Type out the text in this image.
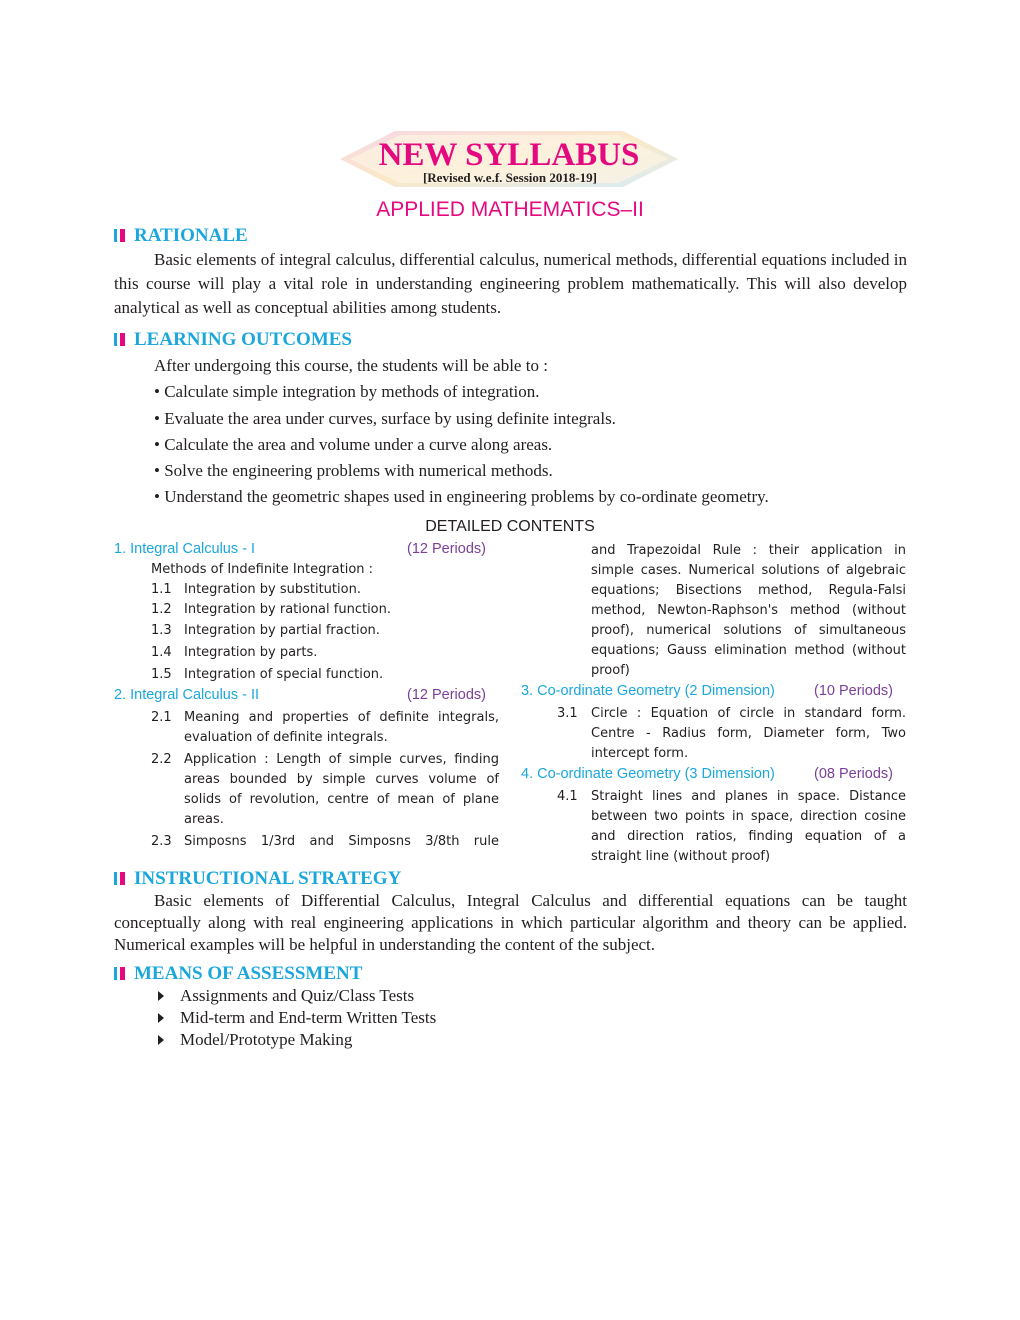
NEW SYLLABUS
[Revised w.e.f. Session 2018-19]
APPLIED MATHEMATICS–II
RATIONALE
Basic elements of integral calculus, differential calculus, numerical methods, differential equations included in this course will play a vital role in understanding engineering problem mathematically. This will also develop analytical as well as conceptual abilities among students.
LEARNING OUTCOMES
After undergoing this course, the students will be able to :
• Calculate simple integration by methods of integration.
• Evaluate the area under curves, surface by using definite integrals.
• Calculate the area and volume under a curve along areas.
• Solve the engineering problems with numerical methods.
• Understand the geometric shapes used in engineering problems by co-ordinate geometry.
DETAILED CONTENTS
1. Integral Calculus - I	(12 Periods)
Methods of Indefinite Integration :
1.1 Integration by substitution.
1.2 Integration by rational function.
1.3 Integration by partial fraction.
1.4 Integration by parts.
1.5 Integration of special function.
2. Integral Calculus - II	(12 Periods)
2.1 Meaning and properties of definite integrals,
evaluation of definite integrals.
2.2 Application : Length of simple curves, finding
areas bounded by simple curves volume of
solids of revolution, centre of mean of plane
areas.
2.3 Simposns 1/3rd and Simposns 3/8th rule
and Trapezoidal Rule : their application in
simple cases. Numerical solutions of algebraic
equations; Bisections method, Regula-Falsi
method, Newton-Raphson's method (without
proof), numerical solutions of simultaneous
equations; Gauss elimination method (without
proof)
3. Co-ordinate Geometry (2 Dimension)	(10 Periods)
3.1 Circle : Equation of circle in standard form.
Centre - Radius form, Diameter form, Two
intercept form.
4. Co-ordinate Geometry (3 Dimension)	(08 Periods)
4.1 Straight lines and planes in space. Distance
between two points in space, direction cosine
and direction ratios, finding equation of a
straight line (without proof)
INSTRUCTIONAL STRATEGY
Basic elements of Differential Calculus, Integral Calculus and differential equations can be taught conceptually along with real engineering applications in which particular algorithm and theory can be applied. Numerical examples will be helpful in understanding the content of the subject.
MEANS OF ASSESSMENT
Assignments and Quiz/Class Tests
Mid-term and End-term Written Tests
Model/Prototype Making
